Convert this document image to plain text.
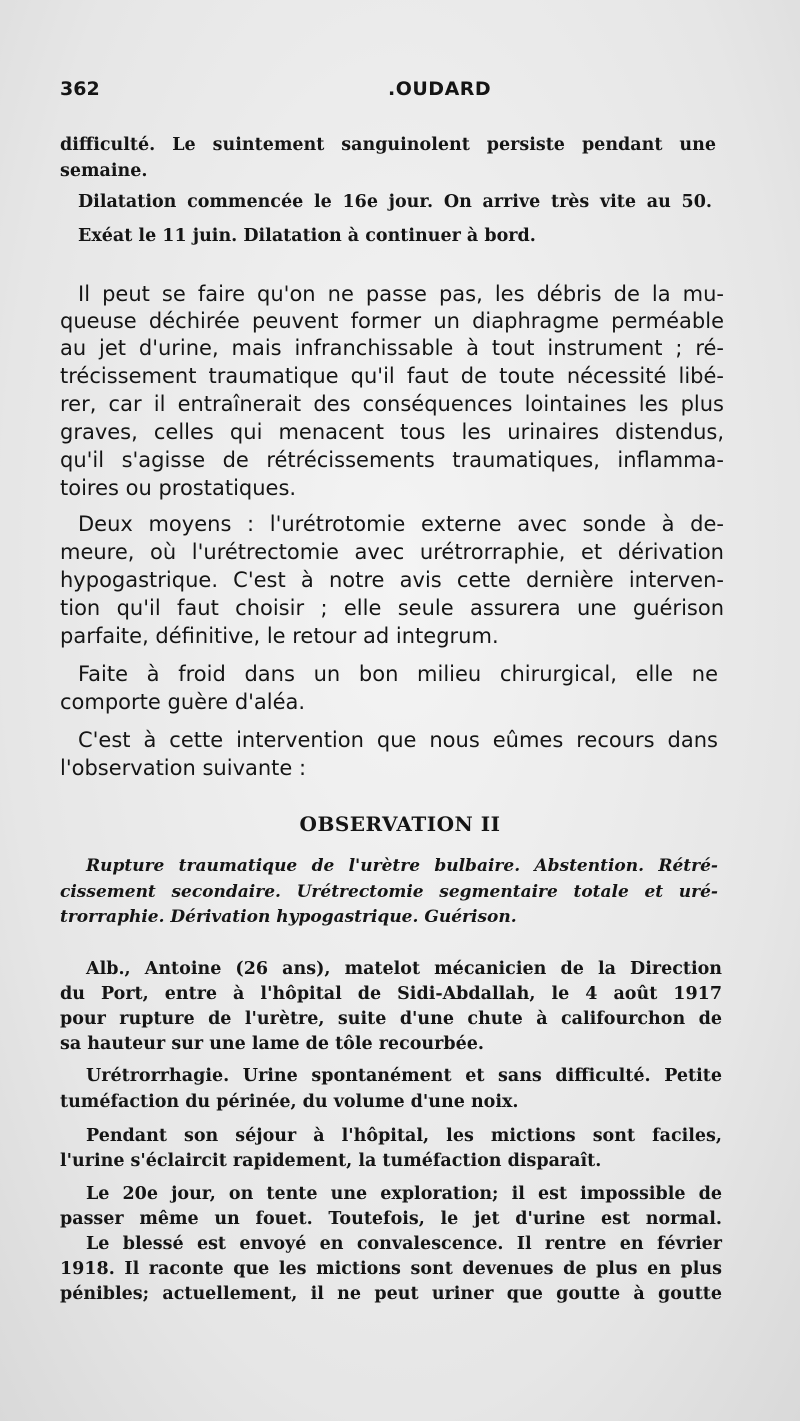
362	.OUDARD
difficulté. Le suintement sanguinolent persiste pendant une
semaine.
Dilatation commencée le 16e jour. On arrive très vite au 50.
Exéat le 11 juin. Dilatation à continuer à bord.
Il peut se faire qu'on ne passe pas, les débris de la mu-
queuse déchirée peuvent former un diaphragme perméable
au jet d'urine, mais infranchissable à tout instrument ; ré-
trécissement traumatique qu'il faut de toute nécessité libé-
rer, car il entraînerait des conséquences lointaines les plus
graves, celles qui menacent tous les urinaires distendus,
qu'il s'agisse de rétrécissements traumatiques, inflamma-
toires ou prostatiques.
Deux moyens : l'urétrotomie externe avec sonde à de-
meure, où l'urétrectomie avec urétrorraphie, et dérivation
hypogastrique. C'est à notre avis cette dernière interven-
tion qu'il faut choisir ; elle seule assurera une guérison
parfaite, définitive, le retour ad integrum.
Faite à froid dans un bon milieu chirurgical, elle ne
comporte guère d'aléa.
C'est à cette intervention que nous eûmes recours dans
l'observation suivante :
OBSERVATION II
Rupture traumatique de l'urètre bulbaire. Abstention. Rétré-
cissement secondaire. Urétrectomie segmentaire totale et uré-
trorraphie. Dérivation hypogastrique. Guérison.
Alb., Antoine (26 ans), matelot mécanicien de la Direction
du Port, entre à l'hôpital de Sidi-Abdallah, le 4 août 1917
pour rupture de l'urètre, suite d'une chute à califourchon de
sa hauteur sur une lame de tôle recourbée.
Urétrorrhagie. Urine spontanément et sans difficulté. Petite
tuméfaction du périnée, du volume d'une noix.
Pendant son séjour à l'hôpital, les mictions sont faciles,
l'urine s'éclaircit rapidement, la tuméfaction disparaît.
Le 20e jour, on tente une exploration; il est impossible de
passer même un fouet. Toutefois, le jet d'urine est normal.
Le blessé est envoyé en convalescence. Il rentre en février
1918. Il raconte que les mictions sont devenues de plus en plus
pénibles; actuellement, il ne peut uriner que goutte à goutte
